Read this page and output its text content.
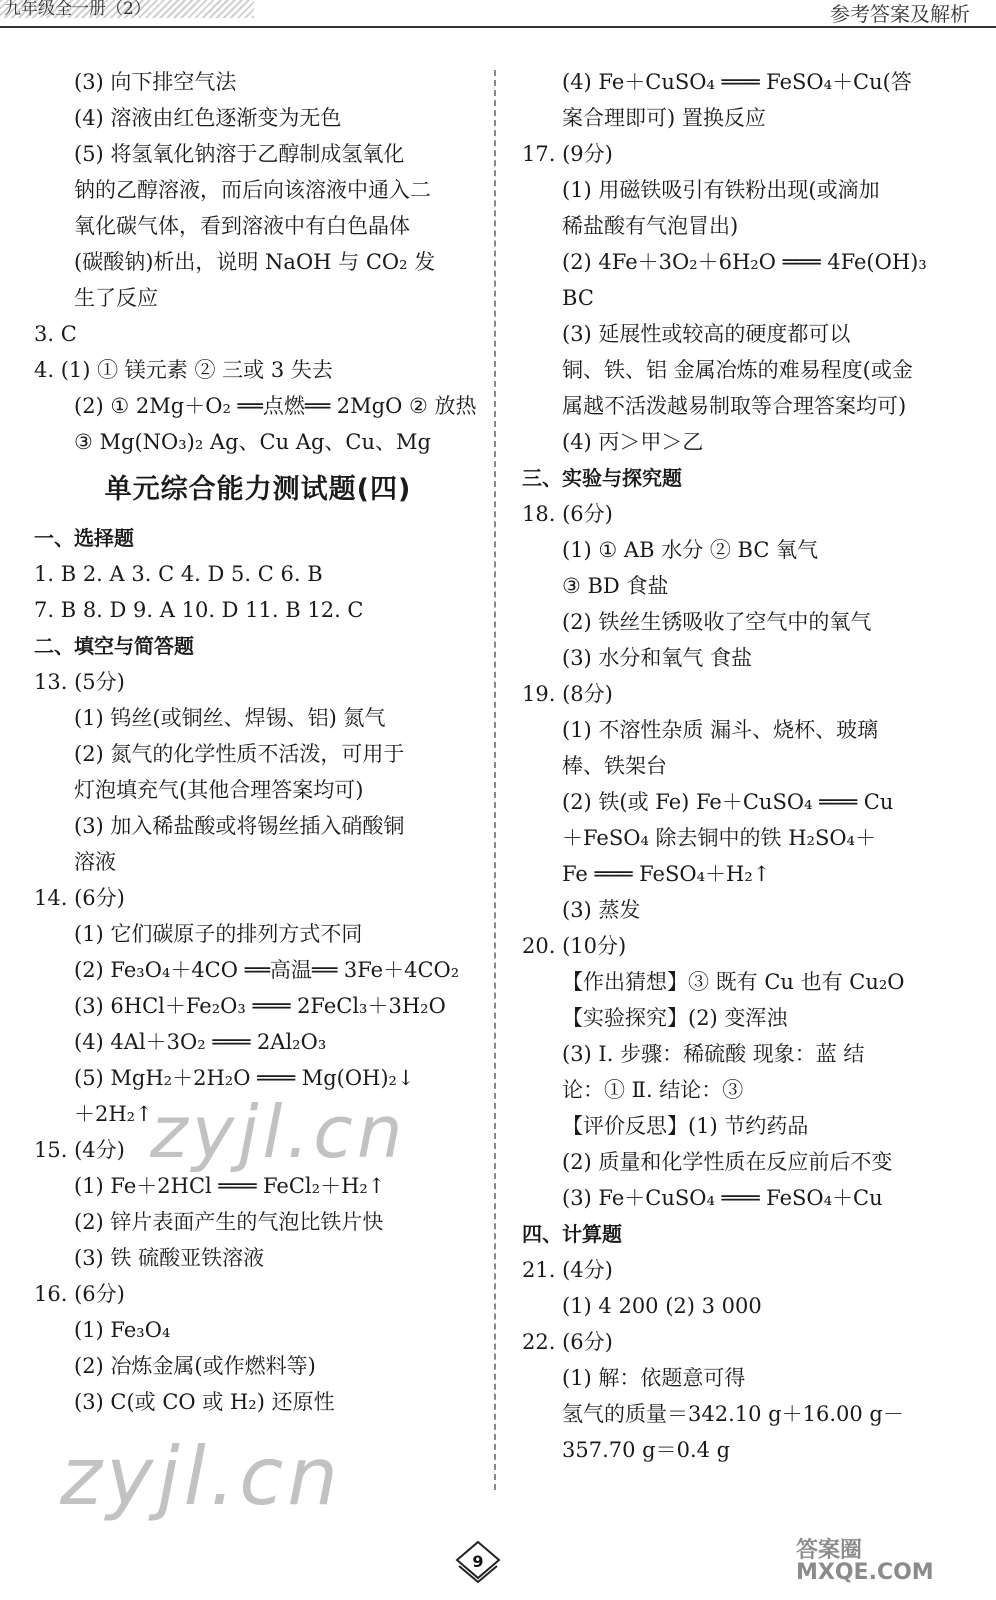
九年级全一册（2）	参考答案及解析
(3) 向下排空气法
(4) 溶液由红色逐渐变为无色
(5) 将氢氧化钠溶于乙醇制成氢氧化
钠的乙醇溶液，而后向该溶液中通入二
氧化碳气体，看到溶液中有白色晶体
(碳酸钠)析出，说明 NaOH 与 CO₂ 发
生了反应
3. C
4. (1) ① 镁元素 ② 三或 3 失去
(2) ① 2Mg＋O₂ ══点燃══ 2MgO ② 放热
③ Mg(NO₃)₂ Ag、Cu Ag、Cu、Mg
单元综合能力测试题(四)
一、选择题
1. B 2. A 3. C 4. D 5. C 6. B
7. B 8. D 9. A 10. D 11. B 12. C
二、填空与简答题
13. (5分)
(1) 钨丝(或铜丝、焊锡、铝) 氮气
(2) 氮气的化学性质不活泼，可用于
灯泡填充气(其他合理答案均可)
(3) 加入稀盐酸或将锡丝插入硝酸铜
溶液
14. (6分)
(1) 它们碳原子的排列方式不同
(2) Fe₃O₄＋4CO ══高温══ 3Fe＋4CO₂
(3) 6HCl＋Fe₂O₃ ═══ 2FeCl₃＋3H₂O
(4) 4Al＋3O₂ ═══ 2Al₂O₃
(5) MgH₂＋2H₂O ═══ Mg(OH)₂↓
＋2H₂↑
15. (4分)
(1) Fe＋2HCl ═══ FeCl₂＋H₂↑
(2) 锌片表面产生的气泡比铁片快
(3) 铁 硫酸亚铁溶液
16. (6分)
(1) Fe₃O₄
(2) 冶炼金属(或作燃料等)
(3) C(或 CO 或 H₂) 还原性
(4) Fe＋CuSO₄ ═══ FeSO₄＋Cu(答
案合理即可) 置换反应
17. (9分)
(1) 用磁铁吸引有铁粉出现(或滴加
稀盐酸有气泡冒出)
(2) 4Fe＋3O₂＋6H₂O ═══ 4Fe(OH)₃
BC
(3) 延展性或较高的硬度都可以
铜、铁、铝 金属冶炼的难易程度(或金
属越不活泼越易制取等合理答案均可)
(4) 丙＞甲＞乙
三、实验与探究题
18. (6分)
(1) ① AB 水分 ② BC 氧气
③ BD 食盐
(2) 铁丝生锈吸收了空气中的氧气
(3) 水分和氧气 食盐
19. (8分)
(1) 不溶性杂质 漏斗、烧杯、玻璃
棒、铁架台
(2) 铁(或 Fe) Fe＋CuSO₄ ═══ Cu
＋FeSO₄ 除去铜中的铁 H₂SO₄＋
Fe ═══ FeSO₄＋H₂↑
(3) 蒸发
20. (10分)
【作出猜想】③ 既有 Cu 也有 Cu₂O
【实验探究】(2) 变浑浊
(3) Ⅰ. 步骤：稀硫酸 现象：蓝 结
论：① Ⅱ. 结论：③
【评价反思】(1) 节约药品
(2) 质量和化学性质在反应前后不变
(3) Fe＋CuSO₄ ═══ FeSO₄＋Cu
四、计算题
21. (4分)
(1) 4 200 (2) 3 000
22. (6分)
(1) 解：依题意可得
氢气的质量＝342.10 g＋16.00 g－
357.70 g＝0.4 g
9
zyjl.cn
zyjl.cn
答案圈
MXQE.COM
